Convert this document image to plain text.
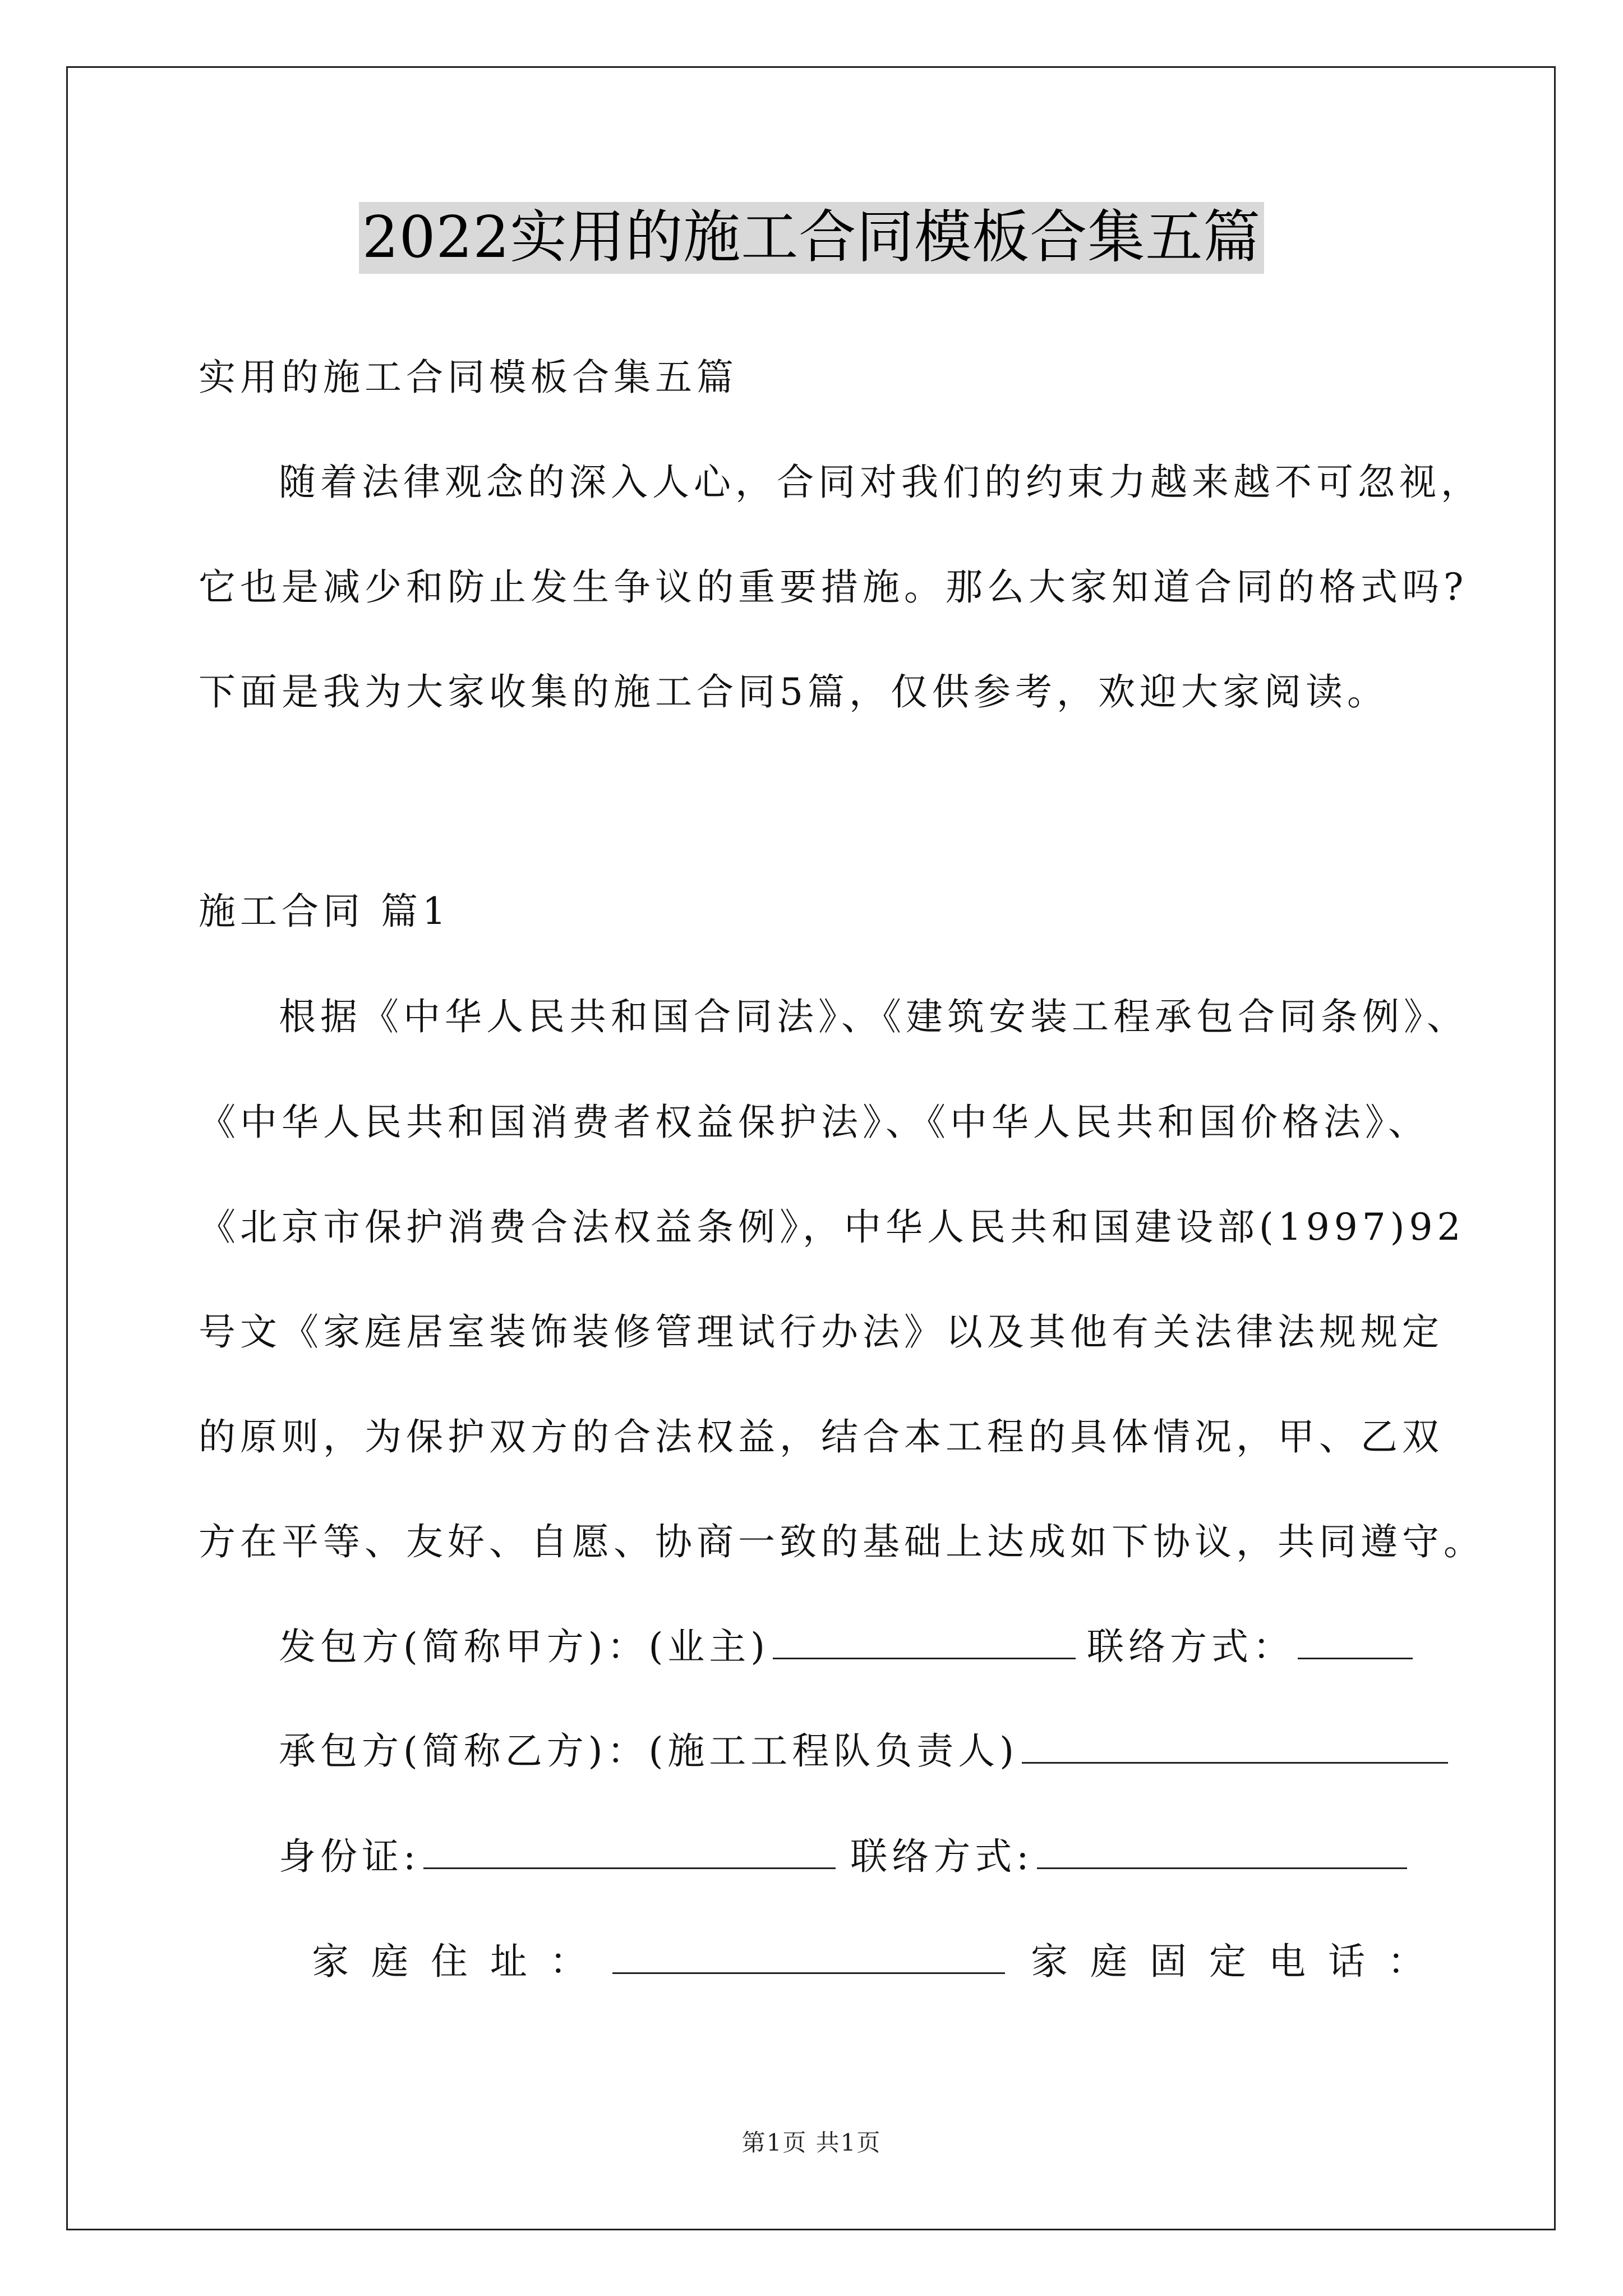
2022实用的施工合同模板合集五篇
实用的施工合同模板合集五篇
随着法律观念的深入人心，合同对我们的约束力越来越不可忽视，
它也是减少和防止发生争议的重要措施。那么大家知道合同的格式吗?
下面是我为大家收集的施工合同5篇，仅供参考，欢迎大家阅读。
施工合同 篇1
根据《中华人民共和国合同法》、《建筑安装工程承包合同条例》、
《中华人民共和国消费者权益保护法》、《中华人民共和国价格法》、
《北京市保护消费合法权益条例》，中华人民共和国建设部(1997)92
号文《家庭居室装饰装修管理试行办法》以及其他有关法律法规规定
的原则，为保护双方的合法权益，结合本工程的具体情况，甲、乙双
方在平等、友好、自愿、协商一致的基础上达成如下协议，共同遵守。
发包方(简称甲方)：(业主)	联络方式：
承包方(简称乙方)：(施工工程队负责人)
身份证:	联络方式:
家庭住址：	家庭固定电话：
第1页 共1页
